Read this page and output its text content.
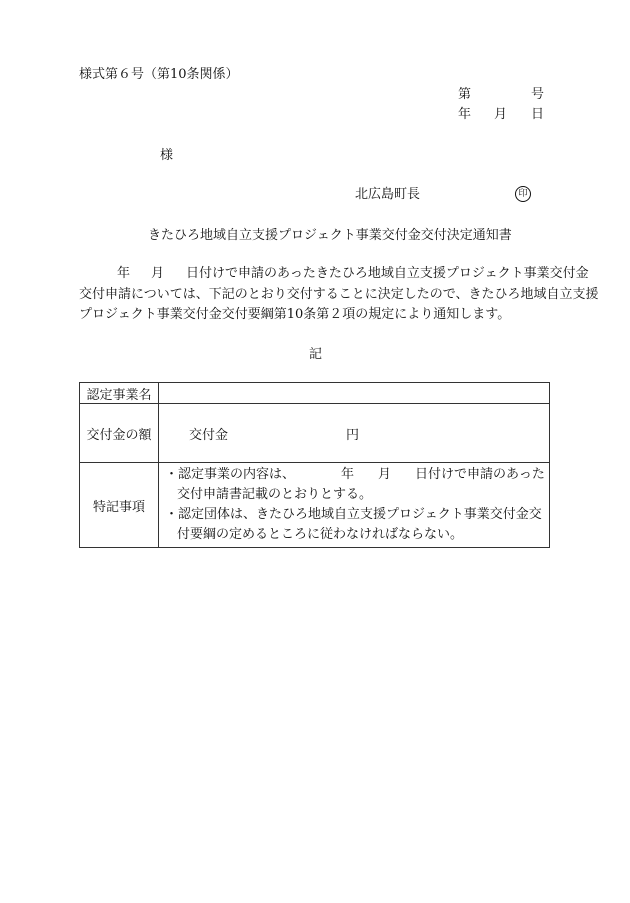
様式第６号（第10条関係）
第	号
年 月 日
様
北広島町長	印
きたひろ地域自立支援プロジェクト事業交付金交付決定通知書
年 月 日付けで申請のあったきたひろ地域自立支援プロジェクト事業交付金
交付申請については、下記のとおり交付することに決定したので、きたひろ地域自立支援
プロジェクト事業交付金交付要綱第10条第２項の規定により通知します。
記
認定事業名	
交付金の額	交付金 円
特記事項	・認定事業の内容は、 年 月 日付けで申請のあった交付申請書記載のとおりとする。
・認定団体は、きたひろ地域自立支援プロジェクト事業交付金交付要綱の定めるところに従わなければならない。
